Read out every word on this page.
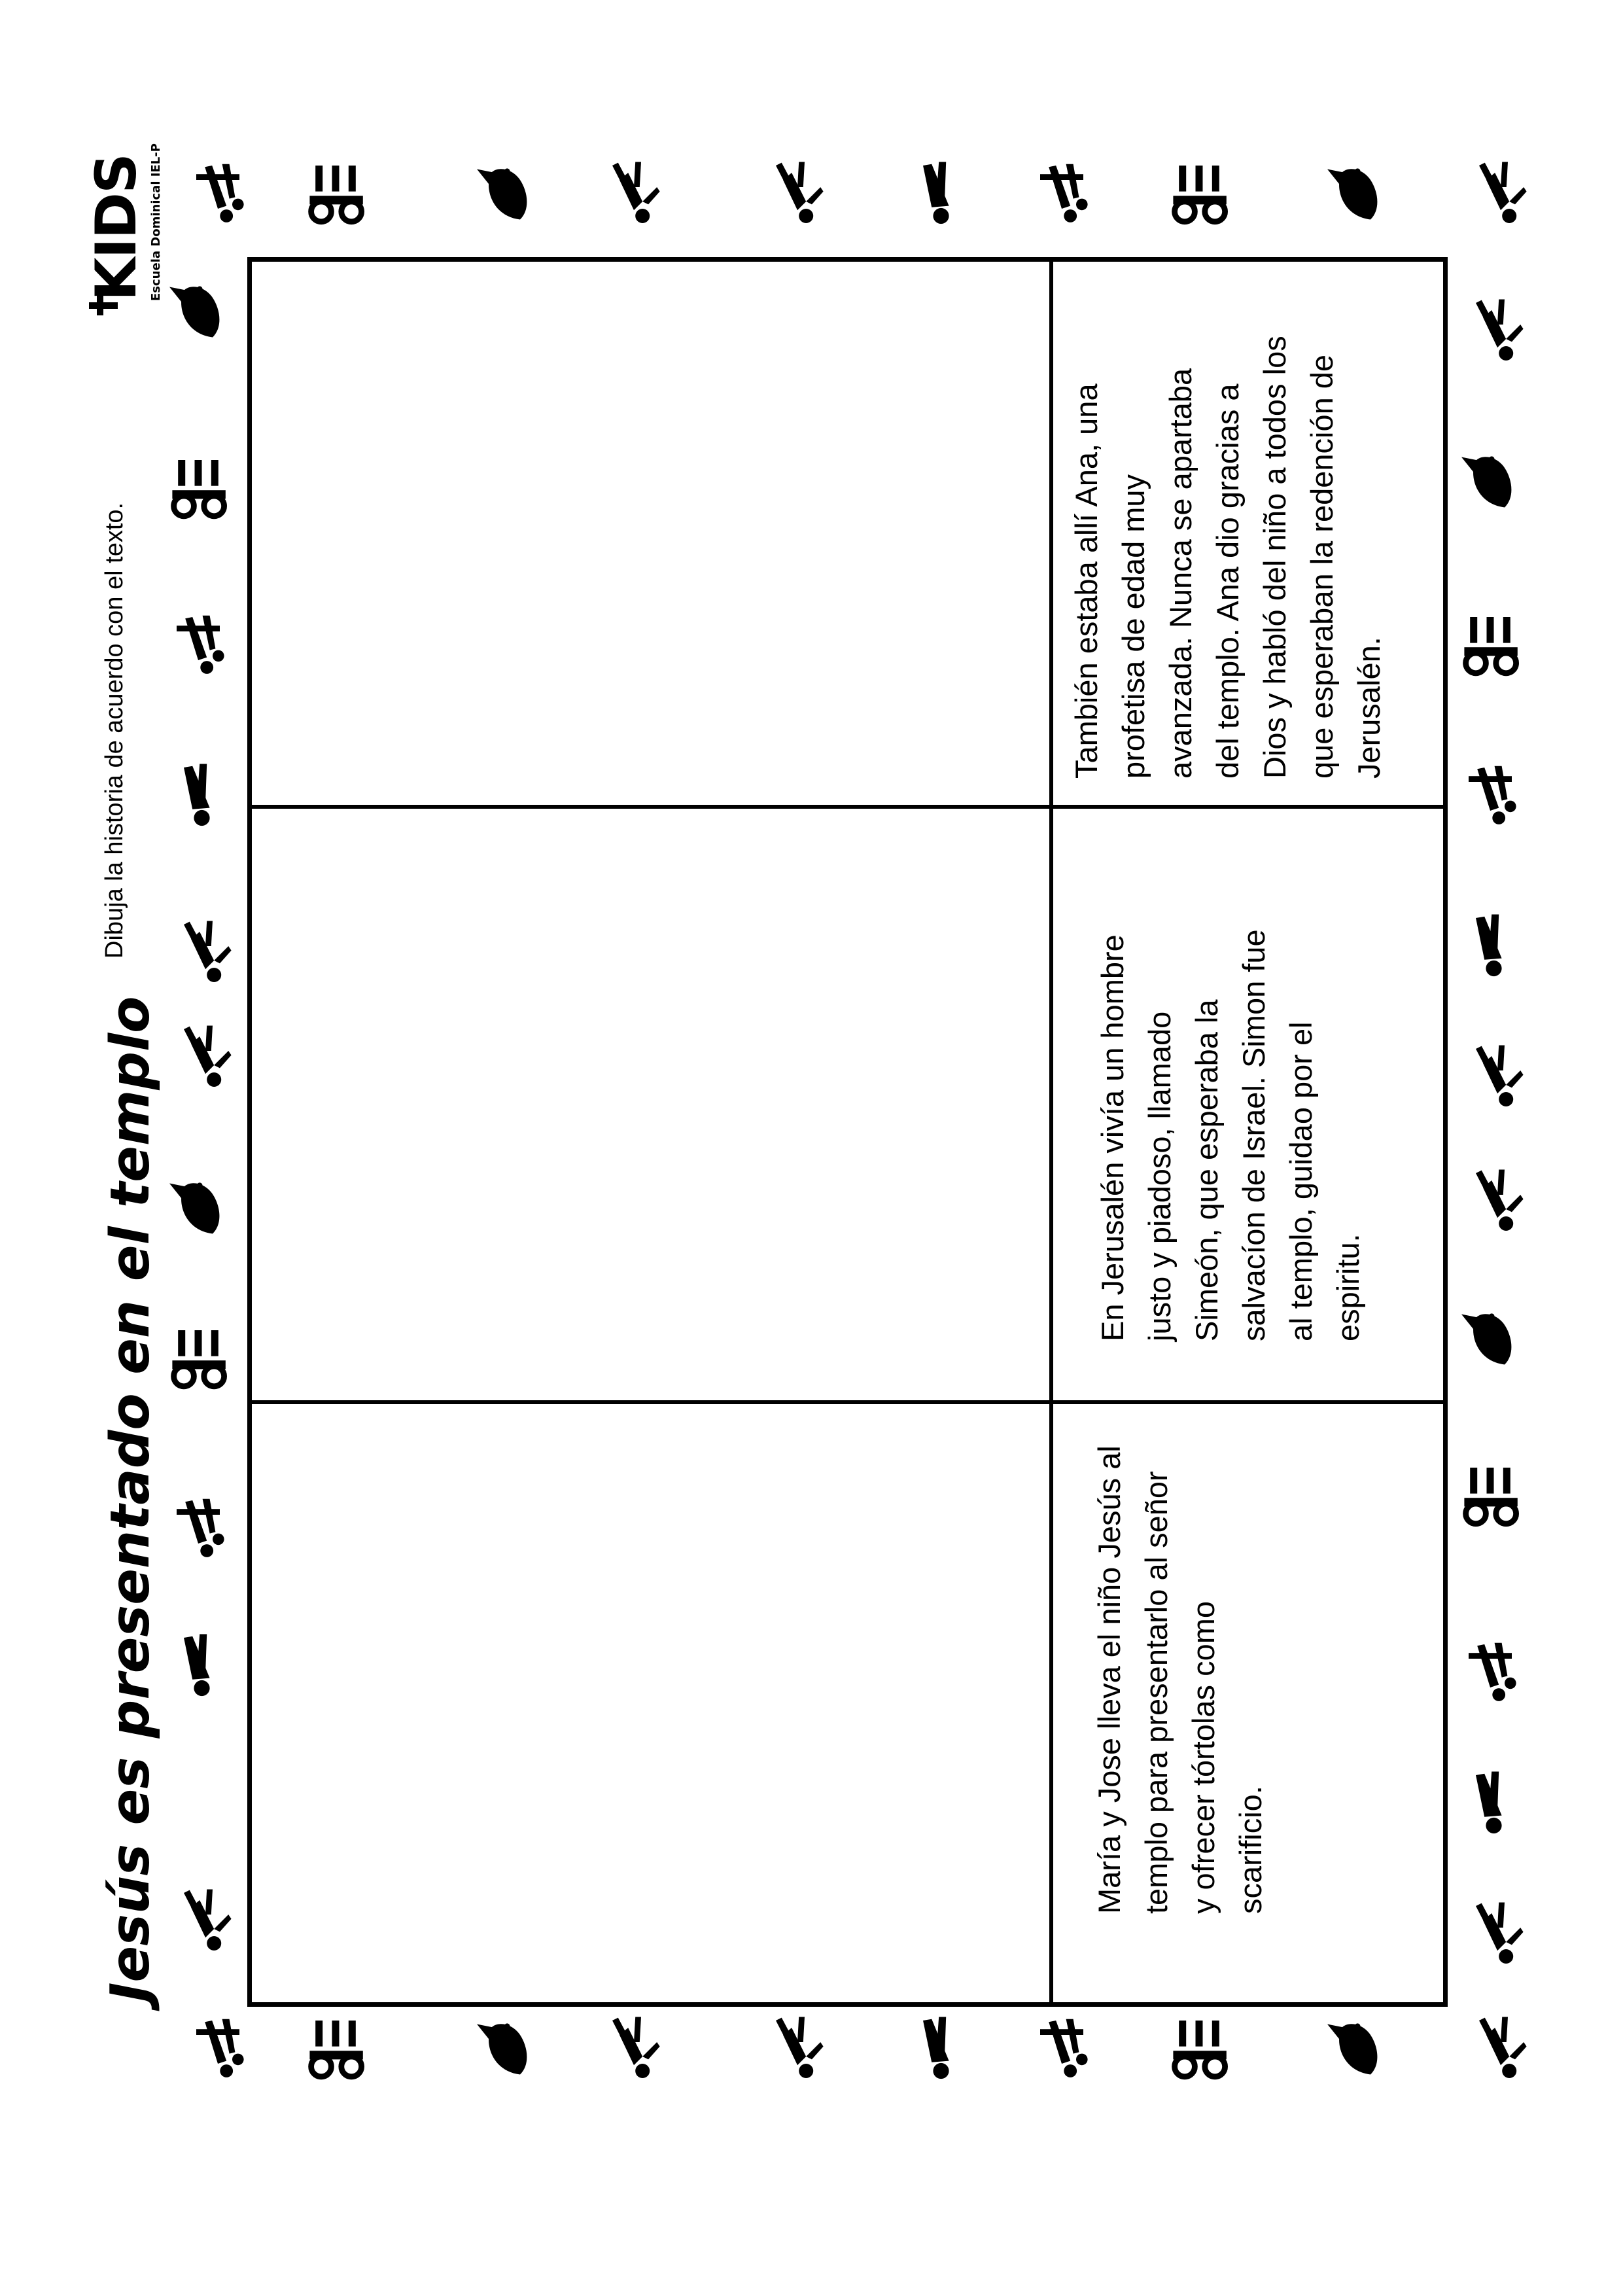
Jesús es presentado en el templo
Dibuja la historia de acuerdo con el texto.
KIDS Escuela Dominical IEL-P
María y Jose lleva el niño Jesús al
templo para presentarlo al señor
y ofrecer tórtolas como
scarificio.
En Jerusalén vivía un hombre
justo y piadoso, llamado
Simeón, que esperaba la
salvacíon de Israel. Simon fue
al templo, guidao por el
espiritu.
También estaba allí Ana, una
profetisa de edad muy
avanzada. Nunca se apartaba
del templo. Ana dio gracias a
Dios y habló del niño a todos los
que esperaban la redención de
Jerusalén.
